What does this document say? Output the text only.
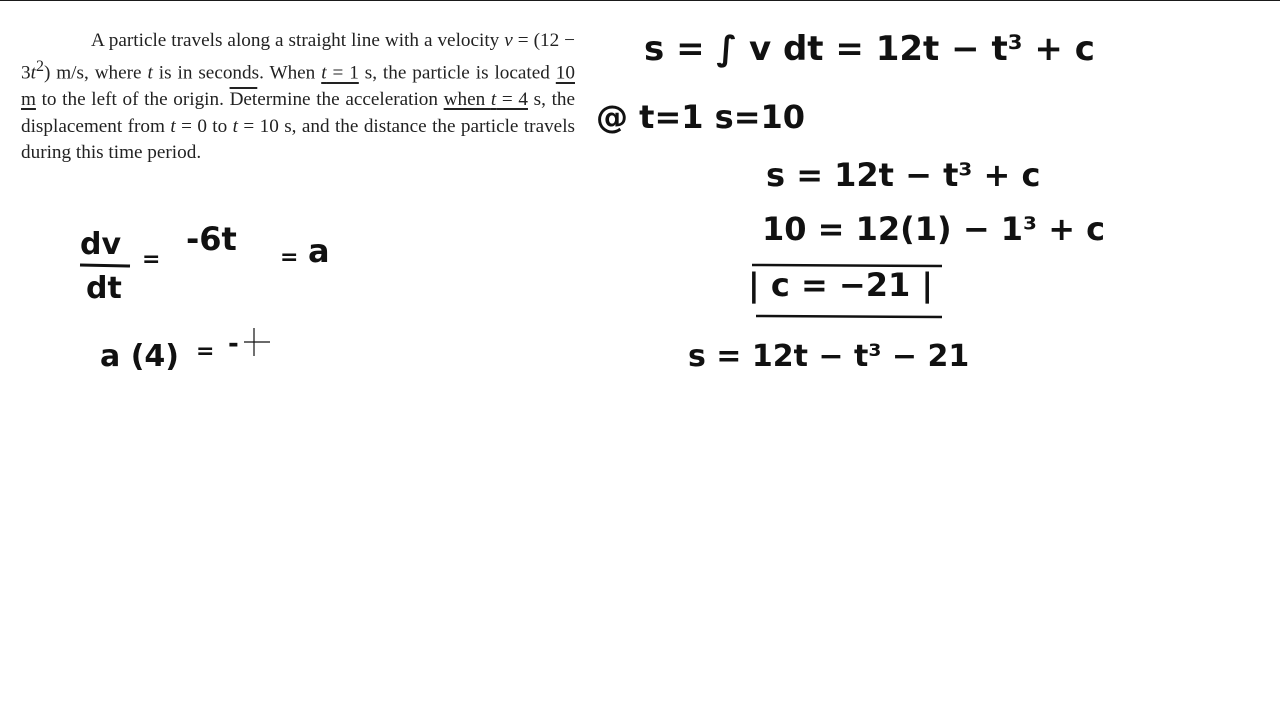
A particle travels along a straight line with a velocity $v = (12 - 3t^2)$ m/s, where t is in seconds. When t = 1 s, the particle is located 10 m to the left of the origin. $\overline{Det}ermine$ the acceleration when t = 4 s, the displacement from t = 0 to t = 10 s, and the distance the particle travels during this time period.

dv
dt
=
-6t = a
a (4) = -
s = ∫ v dt = 12t − t³ + c
@ t=1 s=10
s = 12t − t³ + c
10 = 12(1) − 1³ + c
| c = −21 |
s = 12t − t³ − 21
